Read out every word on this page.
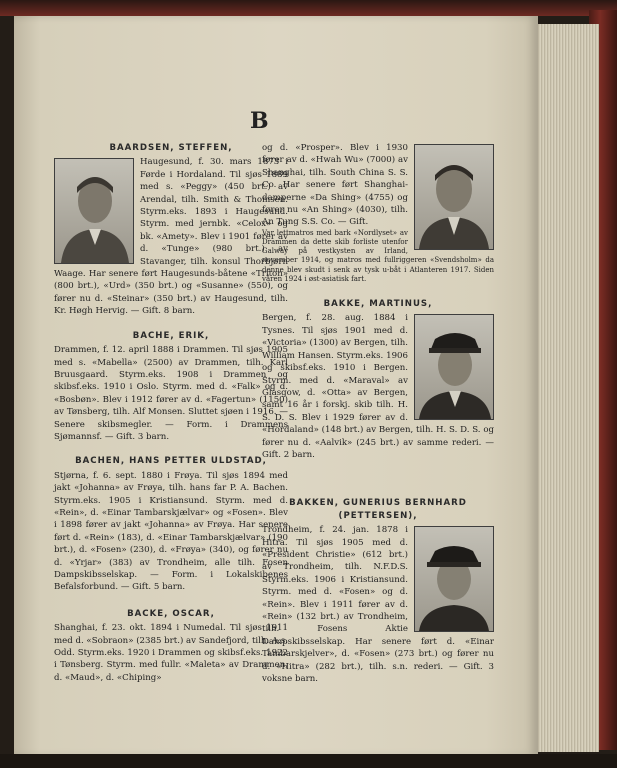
B
BAARDSEN, STEFFEN,

Haugesund, f. 30. mars 1873 i Førde i Hordaland. Til sjøs 1889 med s. «Peggy» (450 brt.) av Arendal, tilh. Smith & Thomsen. Styrm.eks. 1893 i Haugesund. Styrm. med jernbk. «Celox» og bk. «Amety». Blev i 1901 fører av d. «Tunge» (980 brt.) av Stavanger, tilh. konsul Thorbjørn Waage. Har senere ført Haugesunds-båtene «Triton» (800 brt.), «Urd» (350 brt.) og «Susanne» (550), og fører nu d. «Steinar» (350 brt.) av Haugesund, tilh. Kr. Høgh Hervig. — Gift. 8 barn.

BACHE, ERIK,

Drammen, f. 12. april 1888 i Drammen. Til sjøs 1905 med s. «Mabella» (2500) av Drammen, tilh. Karl Bruusgaard. Styrm.eks. 1908 i Drammen og skibsf.eks. 1910 i Oslo. Styrm. med d. «Falk» og d. «Bosbøn». Blev i 1912 fører av d. «Fagertun» (1150) av Tønsberg, tilh. Alf Monsen. Sluttet sjøen i 1916. — Senere skibsmegler. — Form. i Drammens Sjømannsf. — Gift. 3 barn.

BACHEN, HANS PETTER ULDSTAD,

Stjørna, f. 6. sept. 1880 i Frøya. Til sjøs 1894 med jakt «Johanna» av Frøya, tilh. hans far P. A. Bachen. Styrm.eks. 1905 i Kristiansund. Styrm. med d. «Rein», d. «Einar Tambarskjælvar» og «Fosen». Blev i 1898 fører av jakt «Johanna» av Frøya. Har senere ført d. «Rein» (183), d. «Einar Tambarskjælvar» (190 brt.), d. «Fosen» (230), d. «Frøya» (340), og fører nu d. «Yrjar» (383) av Trondheim, alle tilh. Fosen Dampskibsselskap. — Form. i Lokalskibenes Befalsforbund. — Gift. 5 barn.

BACKE, OSCAR,

Shanghai, f. 23. okt. 1894 i Numedal. Til sjøs 1911 med d. «Sobraon» (2385 brt.) av Sandefjord, tilh. A.s. Odd. Styrm.eks. 1920 i Drammen og skibsf.eks. 1922 i Tønsberg. Styrm. med fullr. «Maleta» av Drammen, d. «Maud», d. «Chiping»

og d. «Prosper». Blev i 1930 fører av d. «Hwah Wu» (7000) av Shanghai, tilh. South China S. S. Co. Har senere ført Shanghai-damperne «Da Shing» (4755) og fører nu «An Shing» (4030), tilh. An Tung S.S. Co. — Gift.

Var lettmatros med bark «Nordlyset» av Drammen da dette skib forliste utenfor Galway på vestkysten av Irland, november 1914, og matros med fullriggeren «Svendsholm» da denne blev skudt i senk av tysk u-båt i Atlanteren 1917. Siden våren 1924 i øst-asiatisk fart.

BAKKE, MARTINUS,

Bergen, f. 28. aug. 1884 i Tysnes. Til sjøs 1901 med d. «Victoria» (1300) av Bergen, tilh. William Hansen. Styrm.eks. 1906 og skibsf.eks. 1910 i Bergen. Styrm. med d. «Maraval» av Glasgow, d. «Otta» av Bergen, samt 16 år i forskj. skib tilh. H. S. D. S. Blev i 1929 fører av d. «Hordaland» (148 brt.) av Bergen, tilh. H. S. D. S. og fører nu d. «Aalvik» (245 brt.) av samme rederi. — Gift. 2 barn.

BAKKEN, GUNERIUS BERNHARD (PETTERSEN),

Trondheim, f. 24. jan. 1878 i Hitra. Til sjøs 1905 med d. «President Christie» (612 brt.) av Trondheim, tilh. N.F.D.S. Styrm.eks. 1906 i Kristiansund. Styrm. med d. «Fosen» og d. «Rein». Blev i 1911 fører av d. «Rein» (132 brt.) av Trondheim, tilh. Fosens Aktie Dampskibsselskap. Har senere ført d. «Einar Tambarskjelver», d. «Fosen» (273 brt.) og fører nu d. «Hitra» (282 brt.), tilh. s.n. rederi. — Gift. 3 voksne barn.
